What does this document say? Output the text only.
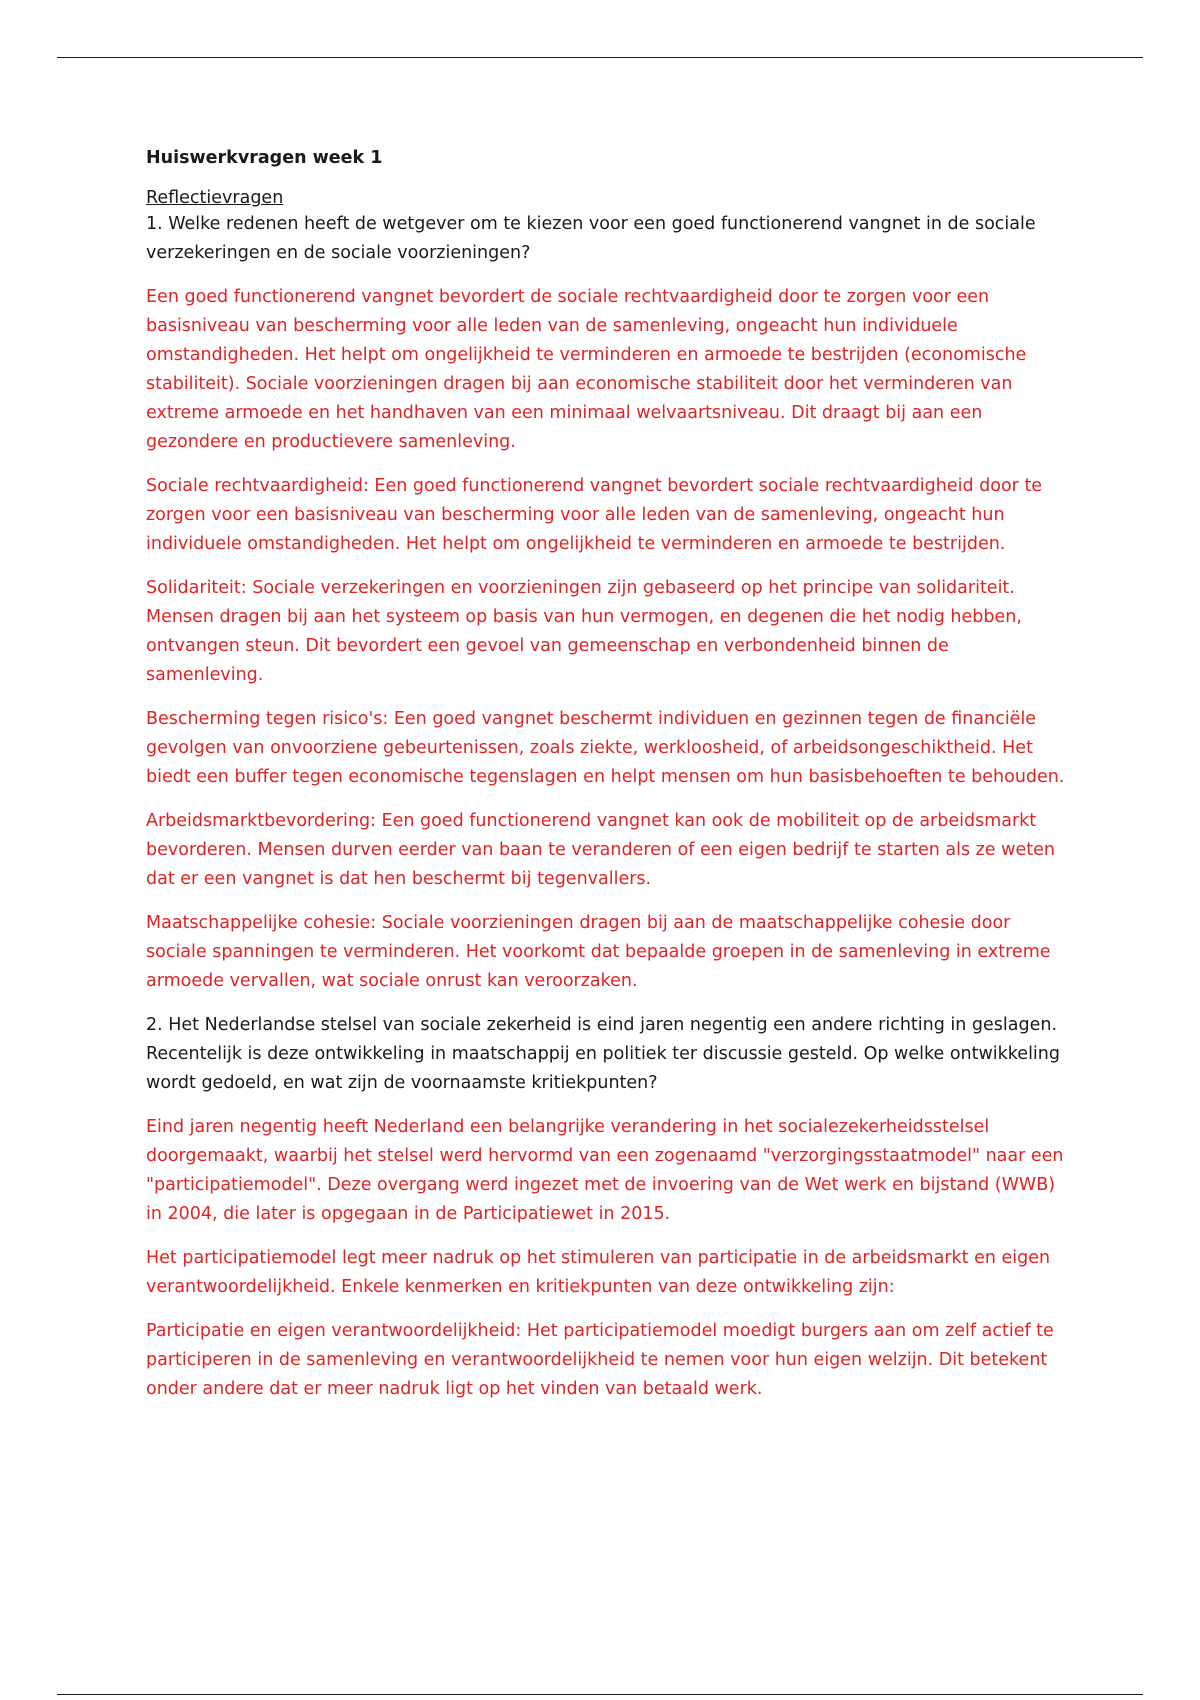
Huiswerkvragen week 1

Reflectievragen

1. Welke redenen heeft de wetgever om te kiezen voor een goed functionerend vangnet in de sociale verzekeringen en de sociale voorzieningen?

Een goed functionerend vangnet bevordert de sociale rechtvaardigheid door te zorgen voor een basisniveau van bescherming voor alle leden van de samenleving, ongeacht hun individuele omstandigheden. Het helpt om ongelijkheid te verminderen en armoede te bestrijden (economische stabiliteit). Sociale voorzieningen dragen bij aan economische stabiliteit door het verminderen van extreme armoede en het handhaven van een minimaal welvaartsniveau. Dit draagt bij aan een gezondere en productievere samenleving.

Sociale rechtvaardigheid: Een goed functionerend vangnet bevordert sociale rechtvaardigheid door te zorgen voor een basisniveau van bescherming voor alle leden van de samenleving, ongeacht hun individuele omstandigheden. Het helpt om ongelijkheid te verminderen en armoede te bestrijden.

Solidariteit: Sociale verzekeringen en voorzieningen zijn gebaseerd op het principe van solidariteit. Mensen dragen bij aan het systeem op basis van hun vermogen, en degenen die het nodig hebben, ontvangen steun. Dit bevordert een gevoel van gemeenschap en verbondenheid binnen de samenleving.

Bescherming tegen risico's: Een goed vangnet beschermt individuen en gezinnen tegen de financiële gevolgen van onvoorziene gebeurtenissen, zoals ziekte, werkloosheid, of arbeidsongeschiktheid. Het biedt een buffer tegen economische tegenslagen en helpt mensen om hun basisbehoeften te behouden.

Arbeidsmarktbevordering: Een goed functionerend vangnet kan ook de mobiliteit op de arbeidsmarkt bevorderen. Mensen durven eerder van baan te veranderen of een eigen bedrijf te starten als ze weten dat er een vangnet is dat hen beschermt bij tegenvallers.

Maatschappelijke cohesie: Sociale voorzieningen dragen bij aan de maatschappelijke cohesie door sociale spanningen te verminderen. Het voorkomt dat bepaalde groepen in de samenleving in extreme armoede vervallen, wat sociale onrust kan veroorzaken.

2. Het Nederlandse stelsel van sociale zekerheid is eind jaren negentig een andere richting in geslagen. Recentelijk is deze ontwikkeling in maatschappij en politiek ter discussie gesteld. Op welke ontwikkeling wordt gedoeld, en wat zijn de voornaamste kritiekpunten?

Eind jaren negentig heeft Nederland een belangrijke verandering in het socialezekerheidsstelsel doorgemaakt, waarbij het stelsel werd hervormd van een zogenaamd "verzorgingsstaatmodel" naar een "participatiemodel". Deze overgang werd ingezet met de invoering van de Wet werk en bijstand (WWB) in 2004, die later is opgegaan in de Participatiewet in 2015.

Het participatiemodel legt meer nadruk op het stimuleren van participatie in de arbeidsmarkt en eigen verantwoordelijkheid. Enkele kenmerken en kritiekpunten van deze ontwikkeling zijn:

Participatie en eigen verantwoordelijkheid: Het participatiemodel moedigt burgers aan om zelf actief te participeren in de samenleving en verantwoordelijkheid te nemen voor hun eigen welzijn. Dit betekent onder andere dat er meer nadruk ligt op het vinden van betaald werk.
